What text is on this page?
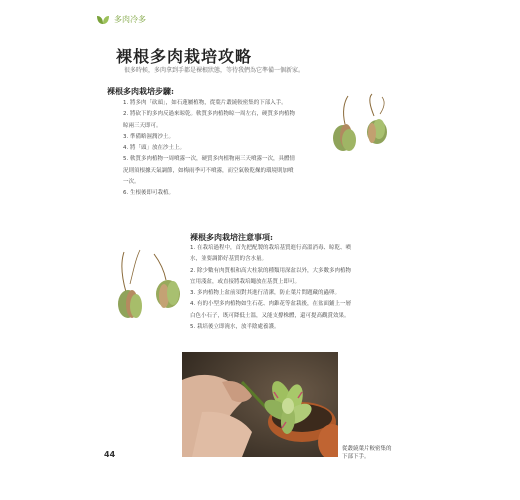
多肉冷多
裸根多肉栽培攻略
很多時候，多肉拿到手都是裸根狀態，等待我們為它準備一個新家。
裸根多肉栽培步驟:
1. 將多肉「砍頭」，如石蓮屬植物，從葉片叢繞較密集的下部入手。
2. 將砍下的多肉反過來晾乾。軟質多肉植物晾一周左右，硬質多肉植物
晾兩三天即可。
3. 準備略濕潤沙土。
4. 將「頭」放在沙土上。
5. 軟質多肉植物一周噴霧一次，硬質多肉植物兩三天噴霧一次，具體情
況則須根據天氣調節，如梅雨季可不噴霧，而空氣較乾燥的環境則加噴
一次。
6. 生根後即可栽植。
裸根多肉栽培注意事項:
1. 在栽培過程中，首先把配製的栽培基質進行高溫消毒、晾乾、噴
水，並要調節好基質的含水量。
2. 除少數有肉質根和高大柱狀的種類用深盆以外，大多數多肉植物
宜用淺盆，或直接將栽培繩放在基質上即可。
3. 多肉植物上盆前須對其進行清潔，防止葉片問題藏的蟲卵。
4. 有的小型多肉植物如生石花、肉錐花等盆栽後，在盆面鋪上一層
白色小石子，既可降低土溫，又能支撐株體，還可提高觀賞效果。
5. 栽培後立即澆水，放半陰處養護。
從叢繞葉片較密集的下部下手。
44
